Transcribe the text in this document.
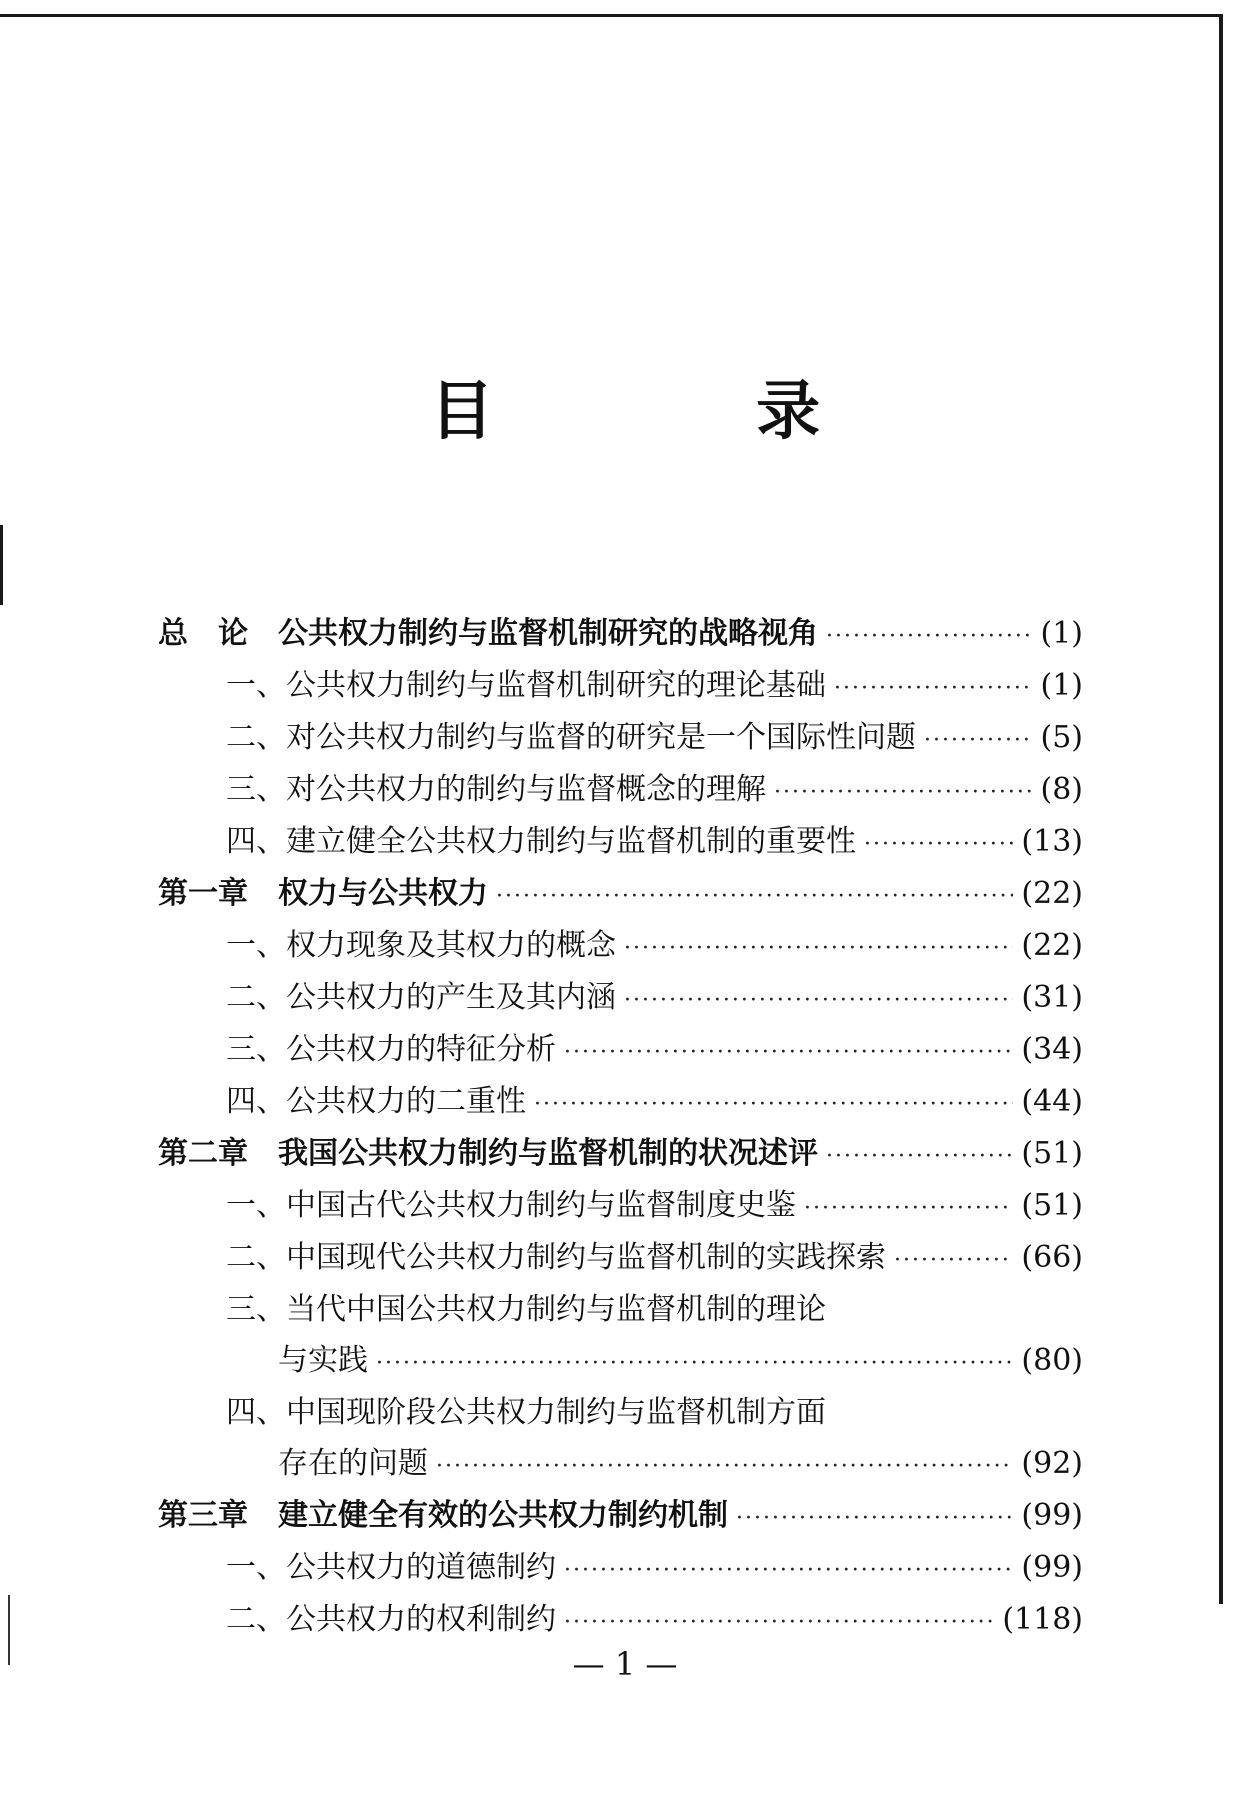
目 录
总　论　公共权力制约与监督机制研究的战略视角 ·····	(1)
一、公共权力制约与监督机制研究的理论基础 ·····	(1)
二、对公共权力制约与监督的研究是一个国际性问题 ·····	(5)
三、对公共权力的制约与监督概念的理解 ·····	(8)
四、建立健全公共权力制约与监督机制的重要性 ·····	(13)
第一章　权力与公共权力 ·····	(22)
一、权力现象及其权力的概念 ·····	(22)
二、公共权力的产生及其内涵 ·····	(31)
三、公共权力的特征分析 ·····	(34)
四、公共权力的二重性 ·····	(44)
第二章　我国公共权力制约与监督机制的状况述评 ·····	(51)
一、中国古代公共权力制约与监督制度史鉴 ·····	(51)
二、中国现代公共权力制约与监督机制的实践探索 ·····	(66)
三、当代中国公共权力制约与监督机制的理论
与实践 ·····	(80)
四、中国现阶段公共权力制约与监督机制方面
存在的问题 ·····	(92)
第三章　建立健全有效的公共权力制约机制 ·····	(99)
一、公共权力的道德制约 ·····	(99)
二、公共权力的权利制约 ·····	(118)
— 1 —
